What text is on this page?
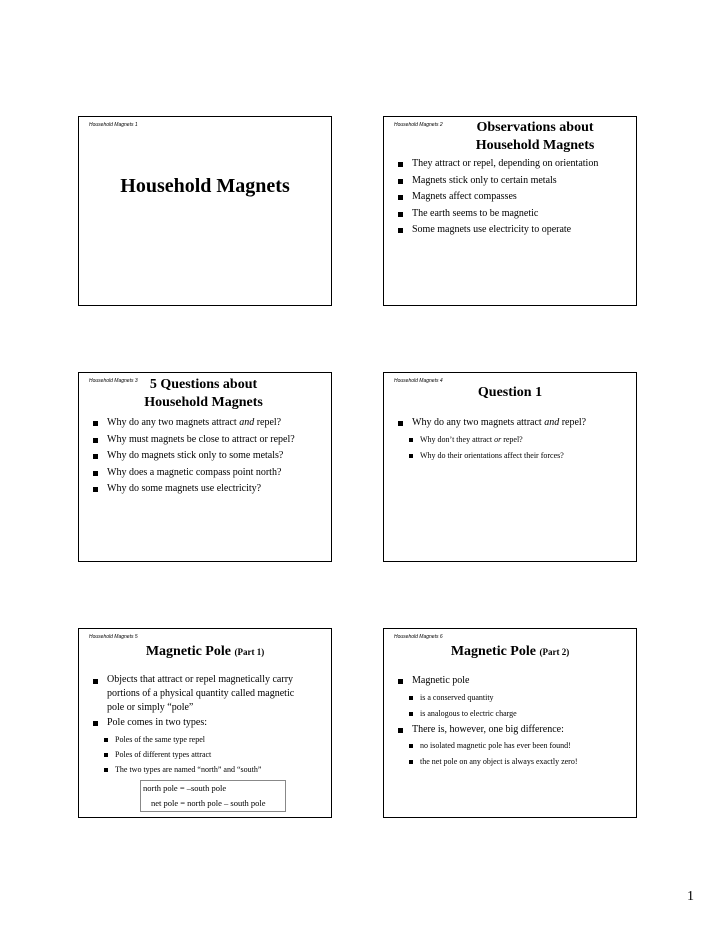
Household Magnets 1
Household Magnets
Household Magnets 2	Observations about
Household Magnets
They attract or repel, depending on orientation
Magnets stick only to certain metals
Magnets affect compasses
The earth seems to be magnetic
Some magnets use electricity to operate
Household Magnets 3 5 Questions about
Household Magnets
Why do any two magnets attract and repel?
Why must magnets be close to attract or repel?
Why do magnets stick only to some metals?
Why does a magnetic compass point north?
Why do some magnets use electricity?
Household Magnets 4
Question 1
Why do any two magnets attract and repel?
Why don’t they attract or repel?
Why do their orientations affect their forces?
Household Magnets 5
Magnetic Pole (Part 1)
Objects that attract or repel magnetically carry
portions of a physical quantity called magnetic
pole or simply “pole”
Pole comes in two types:
Poles of the same type repel
Poles of different types attract
The two types are named “north” and “south”
north pole = –south pole
net pole = north pole – south pole
Household Magnets 6
Magnetic Pole (Part 2)
Magnetic pole
is a conserved quantity
is analogous to electric charge
There is, however, one big difference:
no isolated magnetic pole has ever been found!
the net pole on any object is always exactly zero!
1
